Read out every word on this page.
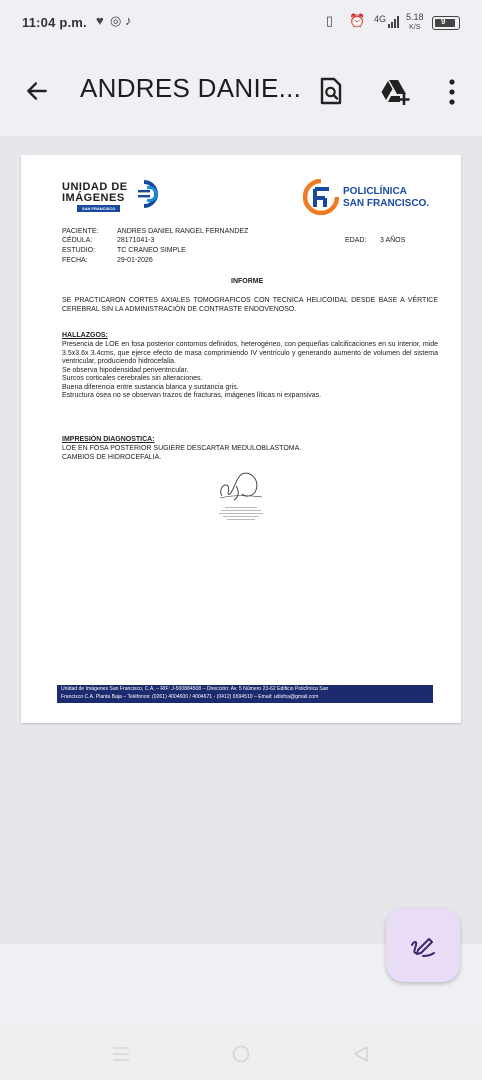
11:04 p.m. ♥ ◎ ♪	▯ ⏰ 4G 5.18
K/S
9
ANDRES DANIE...
UNIDAD DE
IMÁGENES
SAN FRANCISCO
POLICLÍNICA
SAN FRANCISCO.
PACIENTE:	ANDRES DANIEL RANGEL FERNANDEZ
CÉDULA:	28171041-3	EDAD: 3 AÑOS
ESTUDIO:	TC CRANEO SIMPLE
FECHA:	29-01-2026
INFORME
SE PRACTICARON CORTES AXIALES TOMOGRAFICOS CON TECNICA HELICOIDAL DESDE BASE A VÉRTICE CEREBRAL SIN LA ADMINISTRACIÓN DE CONTRASTE ENDOVENOSO.
HALLAZGOS:
Presencia de LOE en fosa posterior contornos definidos, heterogéneo, con pequeñas calcificaciones en su interior, mide 3.5x3.6x 3.4cms, que ejerce efecto de masa comprimiendo IV ventrículo y generando aumento de volumen del sistema ventricular, produciendo hidrocefalia.
Se observa hipodensidad periventricular.
Surcos corticales cerebrales sin alteraciones.
Buena diferencia entre sustancia blanca y sustancia gris.
Estructura ósea no se observan trazos de fracturas, imágenes líticas ni expansivas.
IMPRESIÓN DIAGNOSTICA:
LOE EN FOSA POSTERIOR SUGIERE DESCARTAR MEDULOBLASTOMA.
CAMBIOS DE HIDROCEFALIA.
Unidad de Imágenes San Francisco, C.A. – RIF: J-500884508 – Dirección: Av. 5 Número 23-62 Edificio Policlínica San
Francisco C.A. Planta Baja – Teléfonos: (0261) 4004600 / 4004671 - (0412) 6594510 – Email: udisfca@gmail.com
